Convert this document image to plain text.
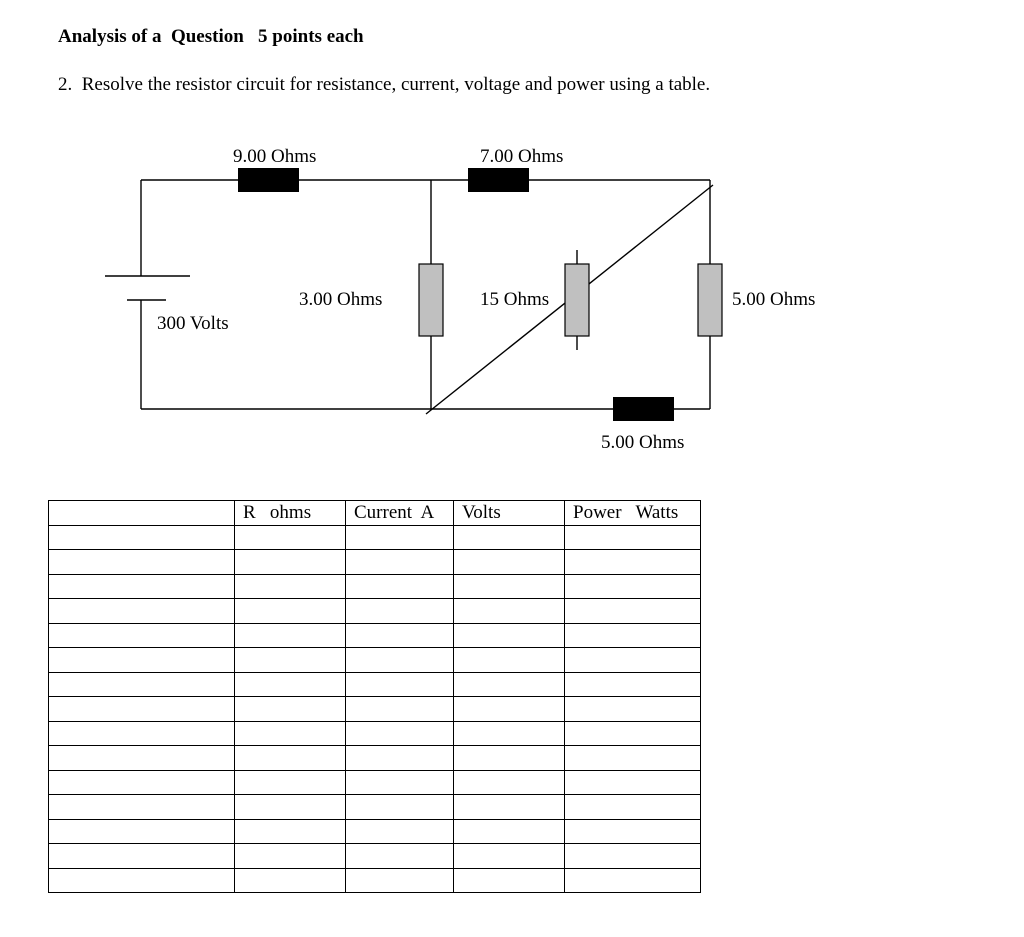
Analysis of a  Question   5 points each
2.  Resolve the resistor circuit for resistance, current, voltage and power using a table.
9.00 Ohms	7.00 Ohms
3.00 Ohms	15 Ohms	5.00 Ohms
5.00 Ohms
300 Volts
	R   ohms	Current  A	Volts	Power   Watts
